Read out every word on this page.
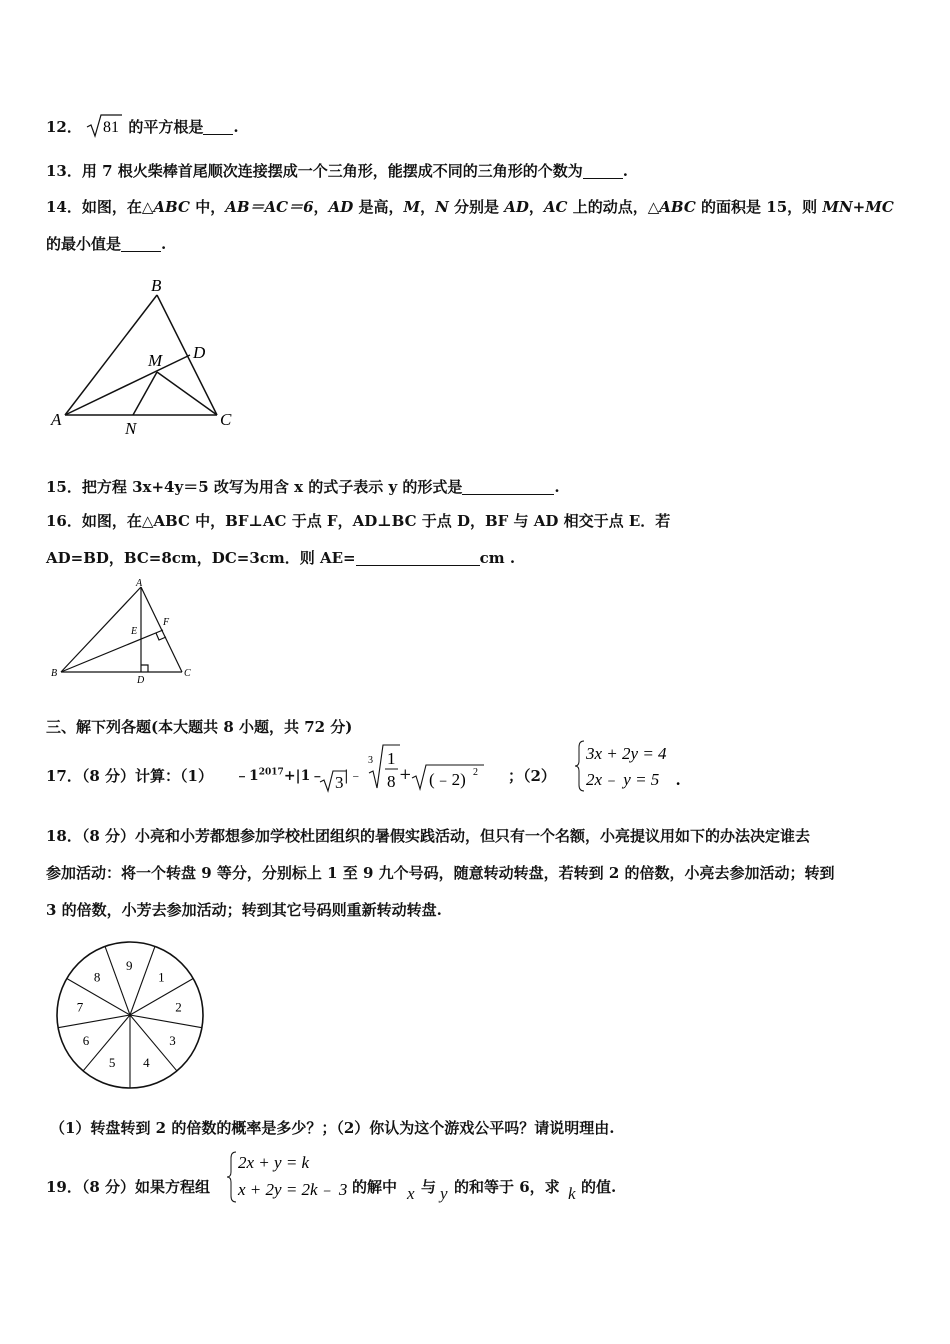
12． 81 的平方根是 .
13．用 7 根火柴棒首尾顺次连接摆成一个三角形，能摆成不同的三角形的个数为	.
14．如图，在△ABC 中，AB＝AC＝6，AD 是高，M，N 分别是 AD，AC 上的动点，△ABC 的面积是 15，则 MN+MC
的最小值是	.
B
M D
A	N	C
15．把方程 3x+4y＝5 改写为用含 x 的式子表示 y 的形式是	.
16．如图，在△ABC 中，BF⊥AC 于点 F，AD⊥BC 于点 D，BF 与 AD 相交于点 E．若
AD=BD，BC=8cm，DC=3cm．则 AE=	cm .
A
E
F
B
D
C
三、解下列各题(本大题共 8 小题，共 72 分)
17．（8 分）计算：（1） $﹣1^{2017}+|1﹣$ 3 |﹣
3 1
8 + (﹣2) 2 ；（2）
3x + 2y = 4
2x﹣ y = 5 .
18．（8 分）小亮和小芳都想参加学校杜团组织的暑假实践活动，但只有一个名额，小亮提议用如下的办法决定谁去
参加活动：将一个转盘 9 等分，分别标上 1 至 9 九个号码，随意转动转盘，若转到 2 的倍数，小亮去参加活动；转到
3 的倍数，小芳去参加活动；转到其它号码则重新转动转盘.
1
2
3
4
5
6
7
8
9
（1）转盘转到 2 的倍数的概率是多少？；（2）你认为这个游戏公平吗？请说明理由.
19．（8 分）如果方程组
2x + y = k
x + 2y = 2k﹣ 3 的解中 x 与 y 的和等于 6，求 k 的值.
